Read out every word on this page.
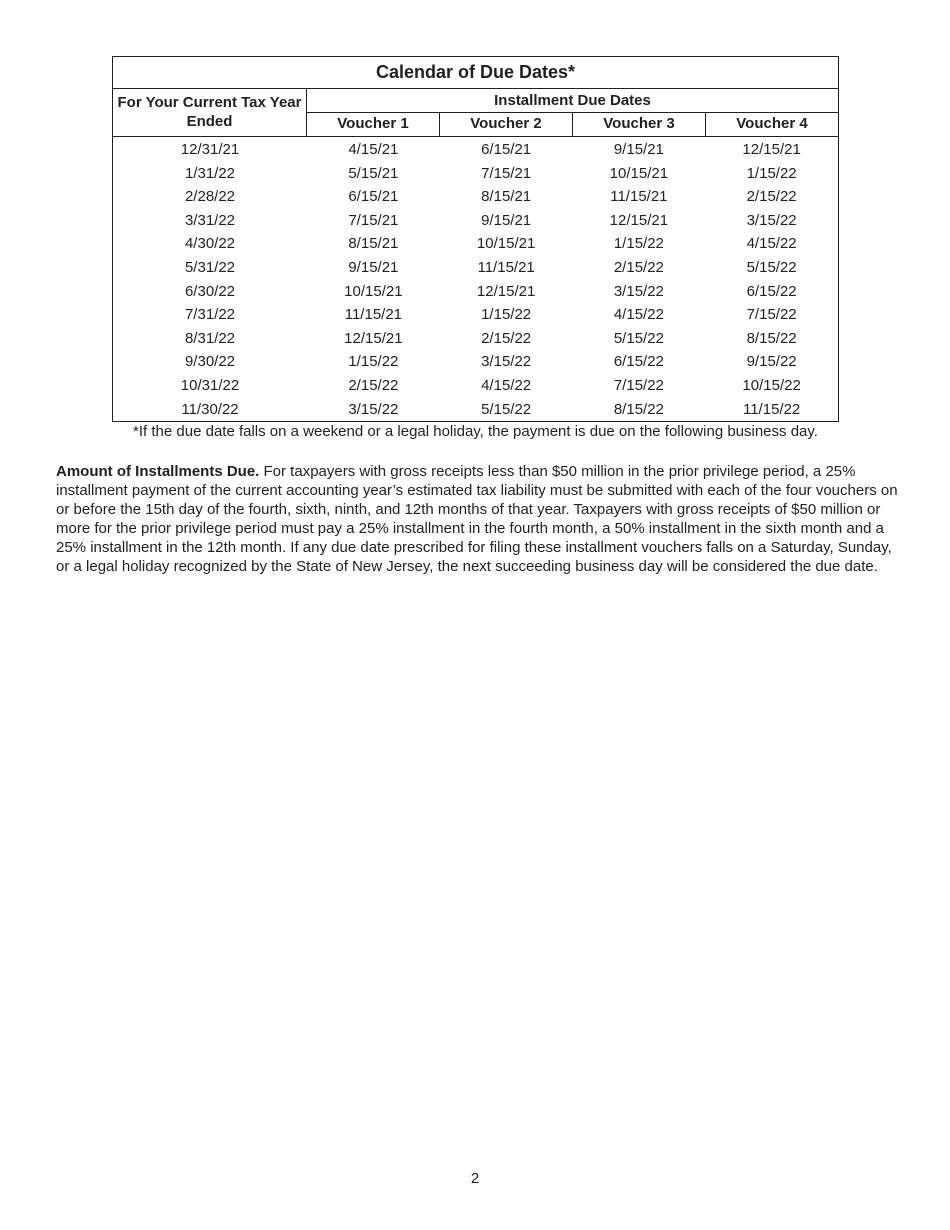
Calendar of Due Dates*
For Your Current Tax Year Ended
Installment Due Dates
Voucher 1	Voucher 2	Voucher 3	Voucher 4
12/31/21	4/15/21	6/15/21	9/15/21	12/15/21
1/31/22	5/15/21	7/15/21	10/15/21	1/15/22
2/28/22	6/15/21	8/15/21	11/15/21	2/15/22
3/31/22	7/15/21	9/15/21	12/15/21	3/15/22
4/30/22	8/15/21	10/15/21	1/15/22	4/15/22
5/31/22	9/15/21	11/15/21	2/15/22	5/15/22
6/30/22	10/15/21	12/15/21	3/15/22	6/15/22
7/31/22	11/15/21	1/15/22	4/15/22	7/15/22
8/31/22	12/15/21	2/15/22	5/15/22	8/15/22
9/30/22	1/15/22	3/15/22	6/15/22	9/15/22
10/31/22	2/15/22	4/15/22	7/15/22	10/15/22
11/30/22	3/15/22	5/15/22	8/15/22	11/15/22
*If the due date falls on a weekend or a legal holiday, the payment is due on the following business day.
Amount of Installments Due. For taxpayers with gross receipts less than $50 million in the prior privilege period, a 25% installment payment of the current accounting year’s estimated tax liability must be submitted with each of the four vouchers on or before the 15th day of the fourth, sixth, ninth, and 12th months of that year. Taxpayers with gross receipts of $50 million or more for the prior privilege period must pay a 25% installment in the fourth month, a 50% installment in the sixth month and a 25% installment in the 12th month. If any due date prescribed for filing these installment vouchers falls on a Saturday, Sunday, or a legal holiday recognized by the State of New Jersey, the next succeeding business day will be considered the due date.
2
